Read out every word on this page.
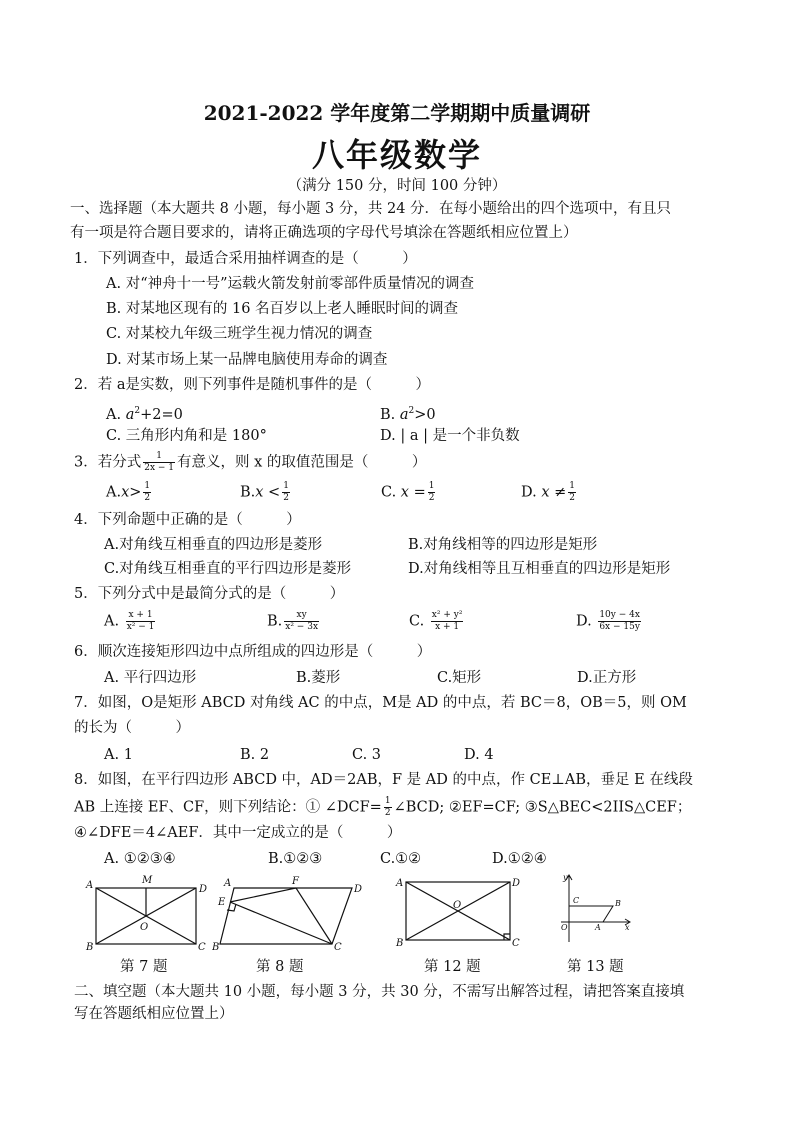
2021-2022 学年度第二学期期中质量调研
八年级数学
（满分 150 分，时间 100 分钟）
一、选择题（本大题共 8 小题，每小题 3 分，共 24 分．在每小题给出的四个选项中，有且只
有一项是符合题目要求的，请将正确选项的字母代号填涂在答题纸相应位置上）
1．下列调查中，最适合采用抽样调查的是（　　　）
A. 对“神舟十一号”运载火箭发射前零部件质量情况的调查
B. 对某地区现有的 16 名百岁以上老人睡眠时间的调查
C. 对某校九年级三班学生视力情况的调查
D. 对某市场上某一品牌电脑使用寿命的调查
2．若 a是实数，则下列事件是随机事件的是（　　　）
A. $a^2+2=0$	B. $a^2>0$
C. 三角形内角和是 180°	D. | a | 是一个非负数
3．若分式 $\frac{1}{2x - 1}$ 有意义，则 x 的取值范围是（　　　）
$A.x> \frac{1}{2}$	$B.x < \frac{1}{2}$	C. $x = \frac{1}{2}$	D. $x \ne \frac{1}{2}$
4．下列命题中正确的是（　　　）
A.对角线互相垂直的四边形是菱形	B.对角线相等的四边形是矩形
C.对角线互相垂直的平行四边形是菱形	D.对角线相等且互相垂直的四边形是矩形
5．下列分式中是最简分式的是（　　　）
A. $\frac{x + 1}{\text{x² − 1}}$	B. $\frac{xy}{\text{x² − 3x}}$	C. $\frac{\text{x² + y²}}{x + 1}$	D. $\frac{10y - 4x}{6x - 15y}$
6．顺次连接矩形四边中点所组成的四边形是（　　　）
A. 平行四边形	B.菱形	C.矩形	D.正方形
7．如图，O是矩形 ABCD 对角线 AC 的中点，M是 AD 的中点，若 BC＝8，OB＝5，则 OM
的长为（　　　）
A. 1	B. 2	C. 3	D. 4
8．如图，在平行四边形 ABCD 中，AD＝2AB，F 是 AD 的中点，作 CE⊥AB，垂足 E 在线段
AB 上连接 EF、CF，则下列结论：① ∠DCF= $\frac{1}{2}$ ∠BCD; ②EF=CF; ③S△BEC<2IIS△CEF；
④∠DFE＝4∠AEF．其中一定成立的是（　　　）
A. ①②③④	B.①②③	C.①②	D.①②④
A	M
D
O
B	C
第 7 题
A	F
D
E
B	C
第 8 题
A	D
O
B	C
第 12 题
y
C	B
O	A	x
第 13 题
二、填空题（本大题共 10 小题，每小题 3 分，共 30 分，不需写出解答过程，请把答案直接填
写在答题纸相应位置上）
